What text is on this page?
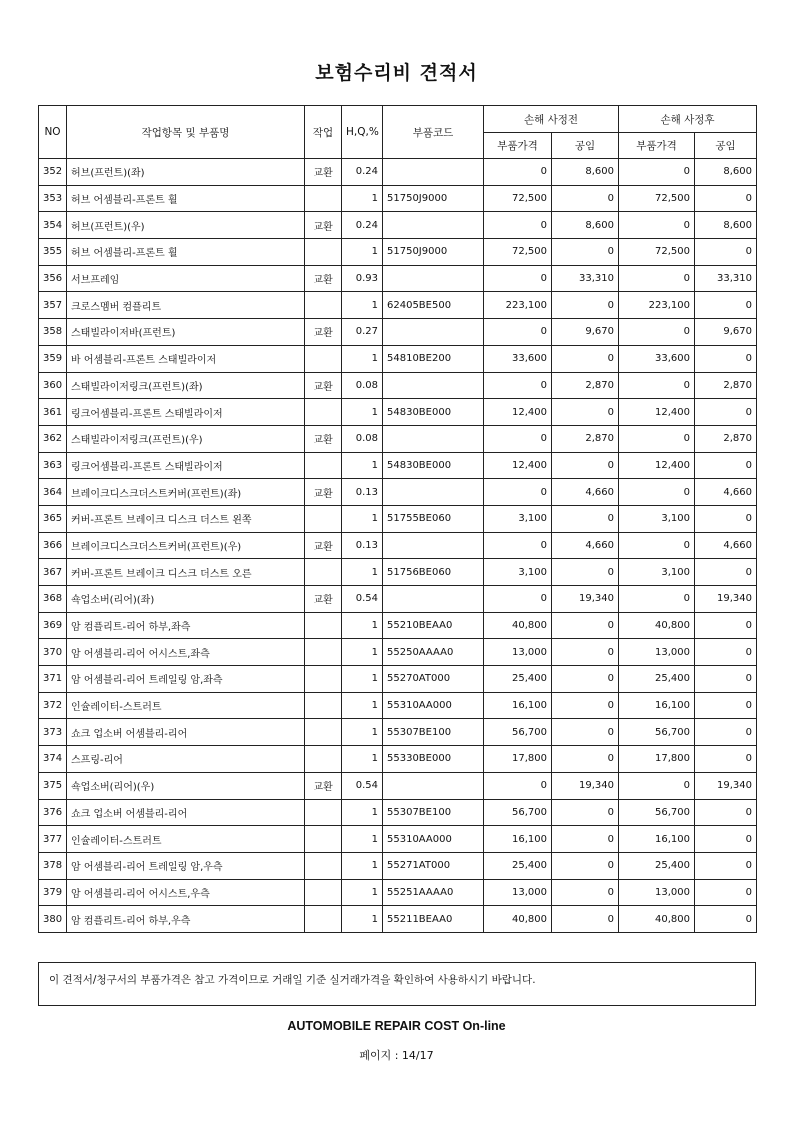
보험수리비 견적서
NO	작업항목 및 부품명	작업	H,Q,%	부품코드	손해 사정전		손해 사정후	
					부품가격	공임	부품가격	공임
352	허브(프런트)(좌)	교환	0.24		0	8,600	0	8,600
353	허브 어셈블리-프론트 휠		1	51750J9000	72,500	0	72,500	0
354	허브(프런트)(우)	교환	0.24		0	8,600	0	8,600
355	허브 어셈블리-프론트 휠		1	51750J9000	72,500	0	72,500	0
356	서브프레임	교환	0.93		0	33,310	0	33,310
357	크로스멤버 컴플리트		1	62405BE500	223,100	0	223,100	0
358	스태빌라이저바(프런트)	교환	0.27		0	9,670	0	9,670
359	바 어셈블리-프론트 스태빌라이저		1	54810BE200	33,600	0	33,600	0
360	스태빌라이저링크(프런트)(좌)	교환	0.08		0	2,870	0	2,870
361	링크어셈블리-프론트 스태빌라이저		1	54830BE000	12,400	0	12,400	0
362	스태빌라이저링크(프런트)(우)	교환	0.08		0	2,870	0	2,870
363	링크어셈블리-프론트 스태빌라이저		1	54830BE000	12,400	0	12,400	0
364	브레이크디스크더스트커버(프런트)(좌)	교환	0.13		0	4,660	0	4,660
365	커버-프론트 브레이크 디스크 더스트 왼쪽		1	51755BE060	3,100	0	3,100	0
366	브레이크디스크더스트커버(프런트)(우)	교환	0.13		0	4,660	0	4,660
367	커버-프론트 브레이크 디스크 더스트 오른		1	51756BE060	3,100	0	3,100	0
368	쇽업소버(리어)(좌)	교환	0.54		0	19,340	0	19,340
369	암 컴플리트-리어 하부,좌측		1	55210BEAA0	40,800	0	40,800	0
370	암 어셈블리-리어 어시스트,좌측		1	55250AAAA0	13,000	0	13,000	0
371	암 어셈블리-리어 트레일링 암,좌측		1	55270AT000	25,400	0	25,400	0
372	인슐레이터-스트러트		1	55310AA000	16,100	0	16,100	0
373	쇼크 업소버 어셈블리-리어		1	55307BE100	56,700	0	56,700	0
374	스프링-리어		1	55330BE000	17,800	0	17,800	0
375	쇽업소버(리어)(우)	교환	0.54		0	19,340	0	19,340
376	쇼크 업소버 어셈블리-리어		1	55307BE100	56,700	0	56,700	0
377	인슐레이터-스트러트		1	55310AA000	16,100	0	16,100	0
378	암 어셈블리-리어 트레일링 암,우측		1	55271AT000	25,400	0	25,400	0
379	암 어셈블리-리어 어시스트,우측		1	55251AAAA0	13,000	0	13,000	0
380	암 컴플리트-리어 하부,우측		1	55211BEAA0	40,800	0	40,800	0
이 견적서/청구서의 부품가격은 참고 가격이므로 거래일 기준 실거래가격을 확인하여 사용하시기 바랍니다.
AUTOMOBILE REPAIR COST On-line
페이지 : 14/17
